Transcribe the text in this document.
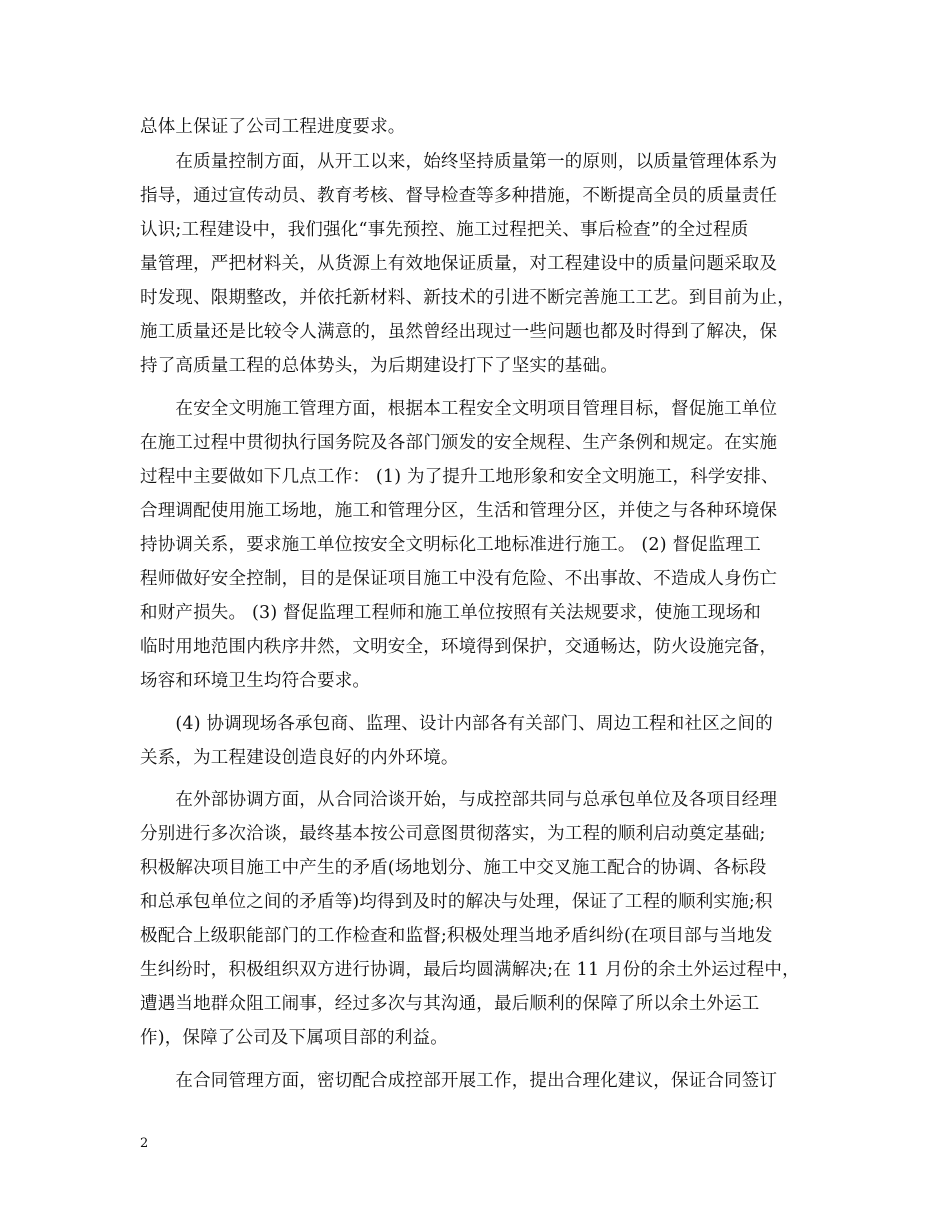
总体上保证了公司工程进度要求。
　　在质量控制方面，从开工以来，始终坚持质量第一的原则，以质量管理体系为
指导，通过宣传动员、教育考核、督导检查等多种措施，不断提高全员的质量责任
认识;工程建设中，我们强化“事先预控、施工过程把关、事后检查”的全过程质
量管理，严把材料关，从货源上有效地保证质量，对工程建设中的质量问题采取及
时发现、限期整改，并依托新材料、新技术的引进不断完善施工工艺。到目前为止，
施工质量还是比较令人满意的，虽然曾经出现过一些问题也都及时得到了解决，保
持了高质量工程的总体势头，为后期建设打下了坚实的基础。
　　在安全文明施工管理方面，根据本工程安全文明项目管理目标，督促施工单位
在施工过程中贯彻执行国务院及各部门颁发的安全规程、生产条例和规定。在实施
过程中主要做如下几点工作： (1) 为了提升工地形象和安全文明施工，科学安排、
合理调配使用施工场地，施工和管理分区，生活和管理分区，并使之与各种环境保
持协调关系，要求施工单位按安全文明标化工地标准进行施工。 (2) 督促监理工
程师做好安全控制，目的是保证项目施工中没有危险、不出事故、不造成人身伤亡
和财产损失。 (3) 督促监理工程师和施工单位按照有关法规要求，使施工现场和
临时用地范围内秩序井然，文明安全，环境得到保护，交通畅达，防火设施完备，
场容和环境卫生均符合要求。
　　(4) 协调现场各承包商、监理、设计内部各有关部门、周边工程和社区之间的
关系，为工程建设创造良好的内外环境。
　　在外部协调方面，从合同洽谈开始，与成控部共同与总承包单位及各项目经理
分别进行多次洽谈，最终基本按公司意图贯彻落实，为工程的顺利启动奠定基础;
积极解决项目施工中产生的矛盾(场地划分、施工中交叉施工配合的协调、各标段
和总承包单位之间的矛盾等)均得到及时的解决与处理，保证了工程的顺利实施;积
极配合上级职能部门的工作检查和监督;积极处理当地矛盾纠纷(在项目部与当地发
生纠纷时，积极组织双方进行协调，最后均圆满解决;在 11 月份的余土外运过程中，
遭遇当地群众阻工闹事，经过多次与其沟通，最后顺利的保障了所以余土外运工
作)，保障了公司及下属项目部的利益。
　　在合同管理方面，密切配合成控部开展工作，提出合理化建议，保证合同签订
2
